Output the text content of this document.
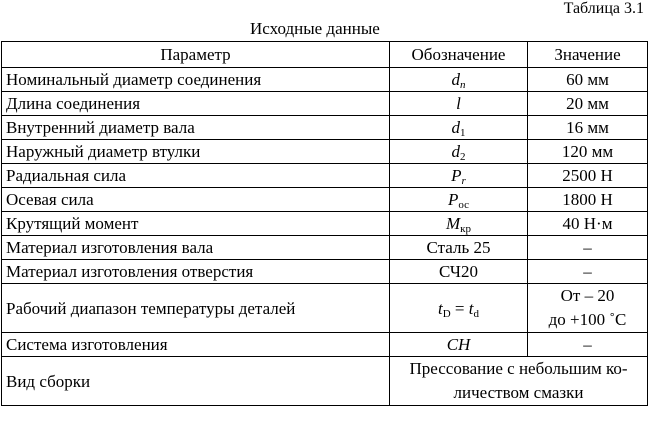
Таблица 3.1
Исходные данные
Параметр	Обозначение	Значение
Номинальный диаметр соединения	$d_n$	60 мм
Длина соединения	l	20 мм
Внутренний диаметр вала	$d_1$	16 мм
Наружный диаметр втулки	$d_2$	120 мм
Радиальная сила	$P_r$	2500 Н
Осевая сила	$P_{ос}$	1800 Н
Крутящий момент	$M_{кр}$	40 Н·м
Материал изготовления вала	Сталь 25	–
Материал изготовления отверстия	СЧ20	–
Рабочий диапазон температуры деталей	$t_D = t_d$	От – 20
до +100 ˚С

Система изготовления	CH	–
Вид сборки	Прессование с небольшим ко-
личеством смазки	
